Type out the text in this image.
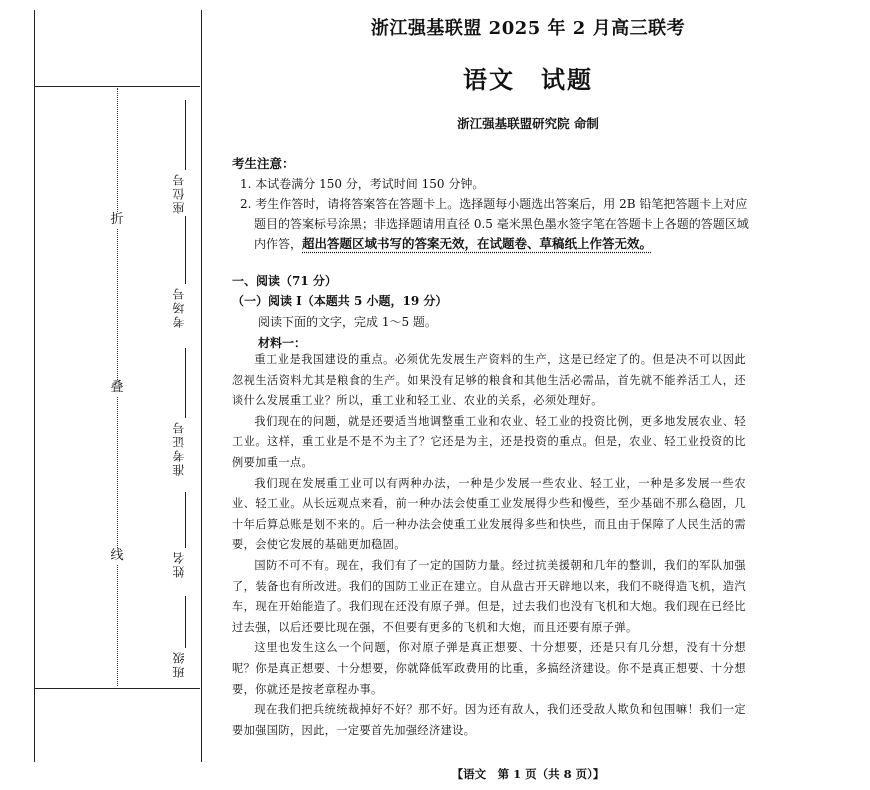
折
叠
线
座位号
考场号
准考证号
姓名
班级
浙江强基联盟 2025 年 2 月高三联考
语文　试题
浙江强基联盟研究院 命制
考生注意：
1. 本试卷满分 150 分，考试时间 150 分钟。
2. 考生作答时，请将答案答在答题卡上。选择题每小题选出答案后，用 2B 铅笔把答题卡上对应题目的答案标号涂黑；非选择题请用直径 0.5 毫米黑色墨水签字笔在答题卡上各题的答题区域内作答，超出答题区域书写的答案无效，在试题卷、草稿纸上作答无效。
一、阅读（71 分）
（一）阅读 Ⅰ（本题共 5 小题，19 分）
阅读下面的文字，完成 1～5 题。
材料一：

重工业是我国建设的重点。必须优先发展生产资料的生产，这是已经定了的。但是决不可以因此忽视生活资料尤其是粮食的生产。如果没有足够的粮食和其他生活必需品，首先就不能养活工人，还谈什么发展重工业？所以，重工业和轻工业、农业的关系，必须处理好。

我们现在的问题，就是还要适当地调整重工业和农业、轻工业的投资比例，更多地发展农业、轻工业。这样，重工业是不是不为主了？它还是为主，还是投资的重点。但是，农业、轻工业投资的比例要加重一点。

我们现在发展重工业可以有两种办法，一种是少发展一些农业、轻工业，一种是多发展一些农业、轻工业。从长远观点来看，前一种办法会使重工业发展得少些和慢些，至少基础不那么稳固，几十年后算总账是划不来的。后一种办法会使重工业发展得多些和快些，而且由于保障了人民生活的需要，会使它发展的基础更加稳固。

国防不可不有。现在，我们有了一定的国防力量。经过抗美援朝和几年的整训，我们的军队加强了，装备也有所改进。我们的国防工业正在建立。自从盘古开天辟地以来，我们不晓得造飞机，造汽车，现在开始能造了。我们现在还没有原子弹。但是，过去我们也没有飞机和大炮。我们现在已经比过去强，以后还要比现在强，不但要有更多的飞机和大炮，而且还要有原子弹。

这里也发生这么一个问题，你对原子弹是真正想要、十分想要，还是只有几分想，没有十分想呢？你是真正想要、十分想要，你就降低军政费用的比重，多搞经济建设。你不是真正想要、十分想要，你就还是按老章程办事。

现在我们把兵统统裁掉好不好？那不好。因为还有敌人，我们还受敌人欺负和包围嘛！我们一定要加强国防，因此，一定要首先加强经济建设。

【语文　第 1 页（共 8 页）】
